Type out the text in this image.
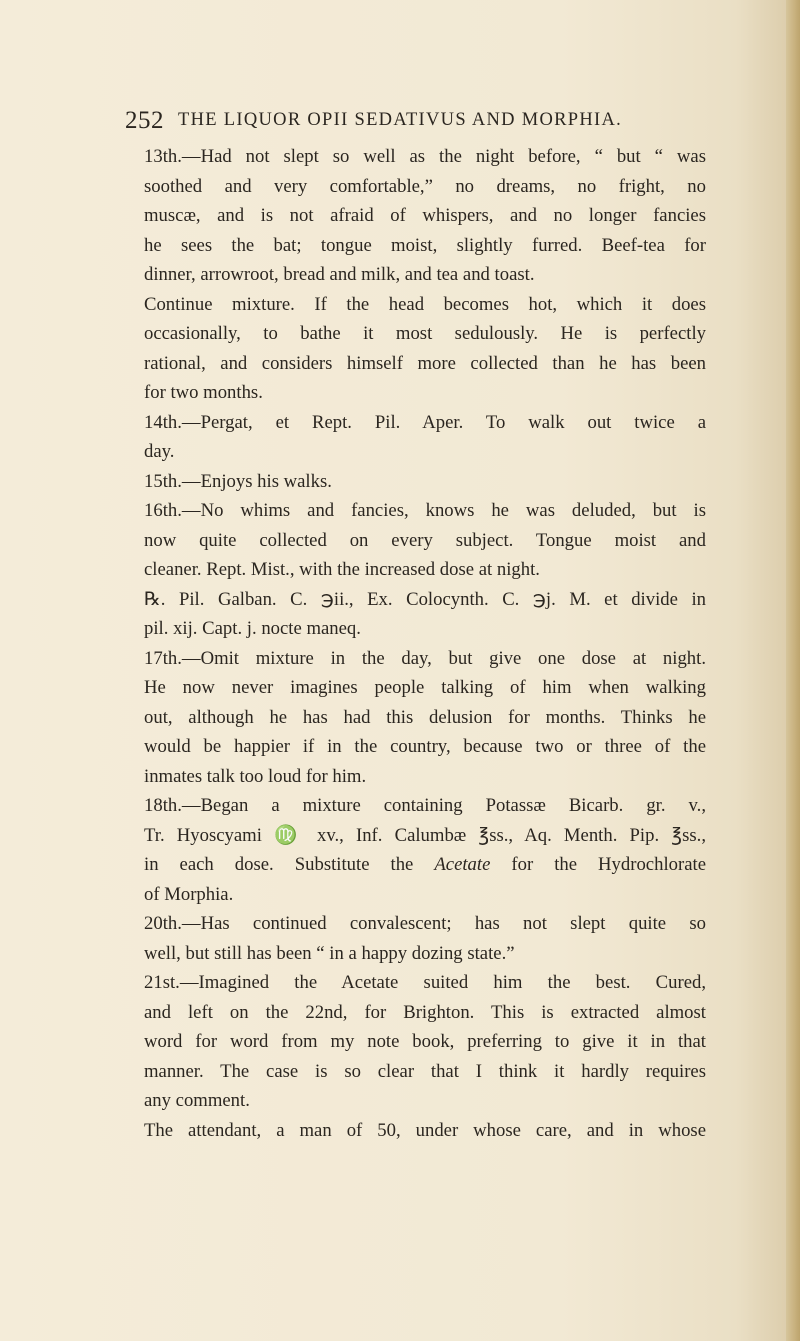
252 THE LIQUOR OPII SEDATIVUS AND MORPHIA.

13th.—Had not slept so well as the night before, “ but “ was
soothed and very comfortable,” no dreams, no fright, no
muscæ, and is not afraid of whispers, and no longer fancies
he sees the bat; tongue moist, slightly furred. Beef-tea for
dinner, arrowroot, bread and milk, and tea and toast.

Continue mixture. If the head becomes hot, which it does
occasionally, to bathe it most sedulously. He is perfectly
rational, and considers himself more collected than he has been
for two months.

14th.—Pergat, et Rept. Pil. Aper. To walk out twice a
day.

15th.—Enjoys his walks.

16th.—No whims and fancies, knows he was deluded, but is
now quite collected on every subject. Tongue moist and
cleaner. Rept. Mist., with the increased dose at night.

℞. Pil. Galban. C. ℈ii., Ex. Colocynth. C. ℈j. M. et divide in
pil. xij. Capt. j. nocte maneq.

17th.—Omit mixture in the day, but give one dose at night.
He now never imagines people talking of him when walking
out, although he has had this delusion for months. Thinks he
would be happier if in the country, because two or three of the
inmates talk too loud for him.

18th.—Began a mixture containing Potassæ Bicarb. gr. v.,
Tr. Hyoscyami ♍ xv., Inf. Calumbæ ℥ss., Aq. Menth. Pip. ℥ss.,
in each dose. Substitute the Acetate for the Hydrochlorate
of Morphia.

20th.—Has continued convalescent; has not slept quite so
well, but still has been “ in a happy dozing state.”

21st.—Imagined the Acetate suited him the best. Cured,
and left on the 22nd, for Brighton. This is extracted almost
word for word from my note book, preferring to give it in that
manner. The case is so clear that I think it hardly requires
any comment.

The attendant, a man of 50, under whose care, and in whose
